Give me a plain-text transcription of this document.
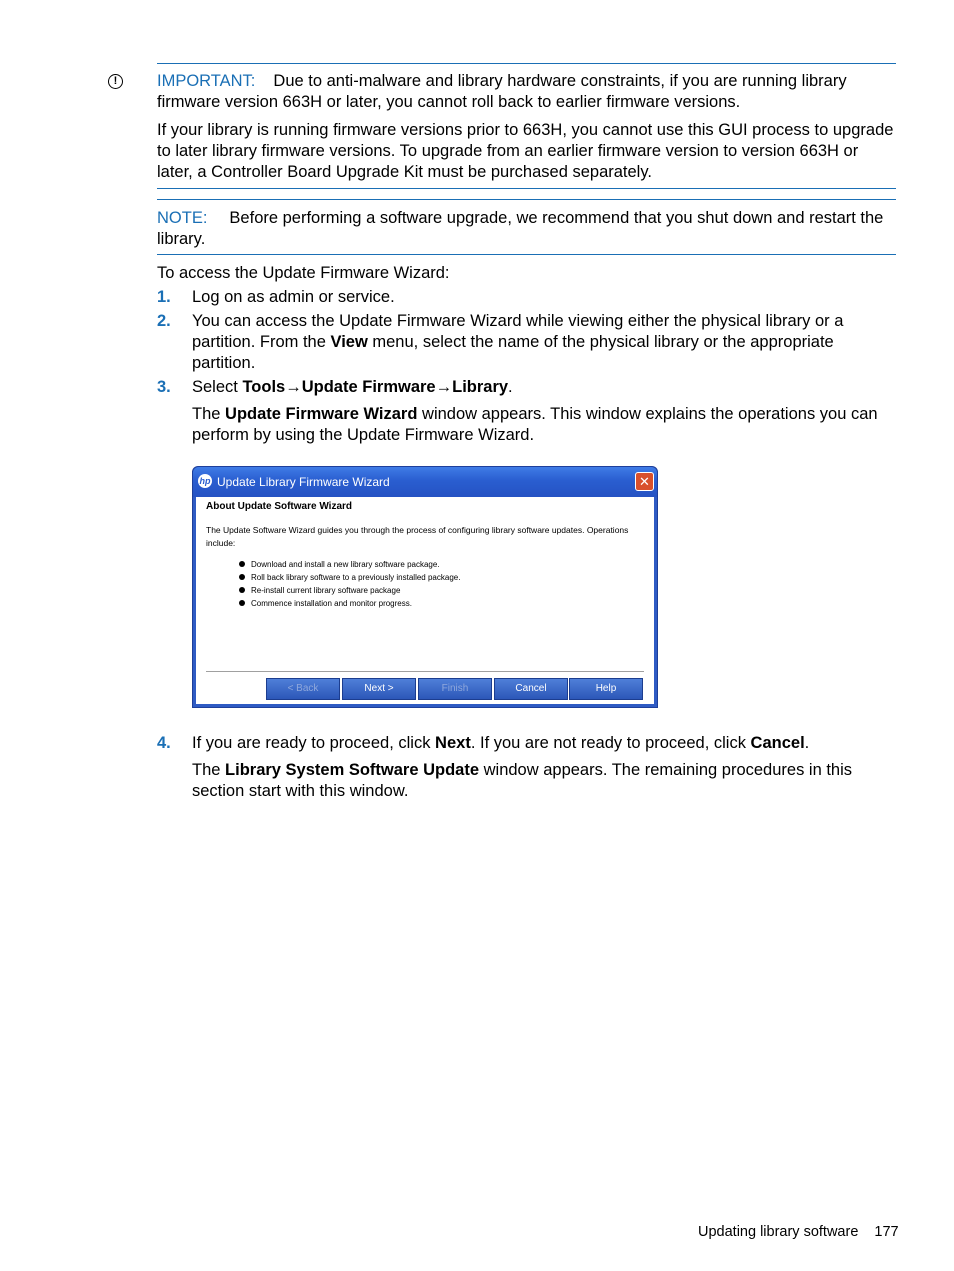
!	IMPORTANT: Due to anti-malware and library hardware constraints, if you are running library firmware version 663H or later, you cannot roll back to earlier firmware versions.
If your library is running firmware versions prior to 663H, you cannot use this GUI process to upgrade to later library firmware versions. To upgrade from an earlier firmware version to version 663H or later, a Controller Board Upgrade Kit must be purchased separately.
NOTE: Before performing a software upgrade, we recommend that you shut down and restart the library.
To access the Update Firmware Wizard:
1. Log on as admin or service.
2. You can access the Update Firmware Wizard while viewing either the physical library or a partition. From the View menu, select the name of the physical library or the appropriate partition.
3. Select Tools→Update Firmware→Library.
The Update Firmware Wizard window appears. This window explains the operations you can perform by using the Update Firmware Wizard.
hp Update Library Firmware Wizard	✕
About Update Software Wizard
The Update Software Wizard guides you through the process of configuring library software updates. Operations include:
Download and install a new library software package.
Roll back library software to a previously installed package.
Re-install current library software package
Commence installation and monitor progress.
< Back	Next >	Finish	Cancel	Help
4. If you are ready to proceed, click Next. If you are not ready to proceed, click Cancel.
The Library System Software Update window appears. The remaining procedures in this section start with this window.
Updating library software 177
